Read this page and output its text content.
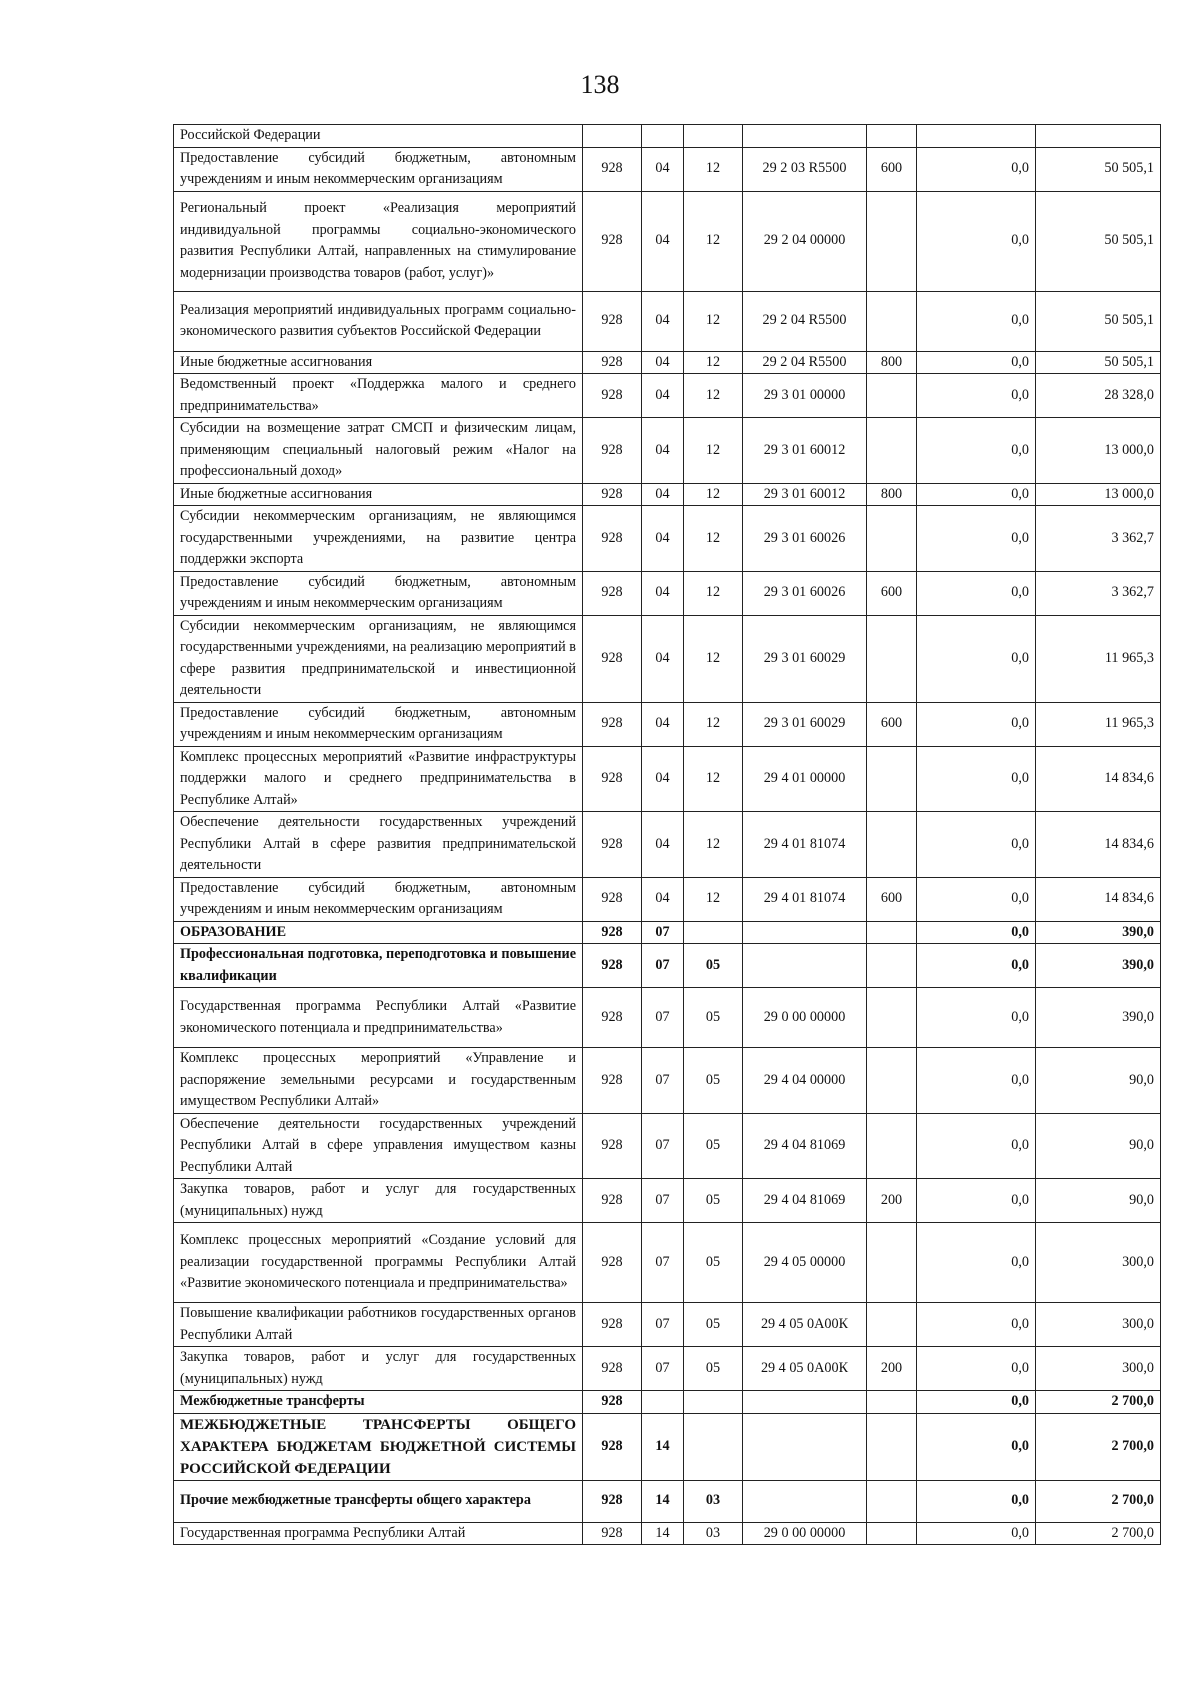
138
Российской Федерации							
Предоставление субсидий бюджетным, автономным учреждениям и иным некоммерческим организациям	928	04	12	29 2 03 R5500	600	0,0	50 505,1
Региональный проект «Реализация мероприятий индивидуальной программы социально-экономического развития Республики Алтай, направленных на стимулирование модернизации производства товаров (работ, услуг)»	928	04	12	29 2 04 00000		0,0	50 505,1
Реализация мероприятий индивидуальных программ социально-экономического развития субъектов Российской Федерации	928	04	12	29 2 04 R5500		0,0	50 505,1
Иные бюджетные ассигнования	928	04	12	29 2 04 R5500	800	0,0	50 505,1
Ведомственный проект «Поддержка малого и среднего предпринимательства»	928	04	12	29 3 01 00000		0,0	28 328,0
Субсидии на возмещение затрат СМСП и физическим лицам, применяющим специальный налоговый режим «Налог на профессиональный доход»	928	04	12	29 3 01 60012		0,0	13 000,0
Иные бюджетные ассигнования	928	04	12	29 3 01 60012	800	0,0	13 000,0
Субсидии некоммерческим организациям, не являющимся государственными учреждениями, на развитие центра поддержки экспорта	928	04	12	29 3 01 60026		0,0	3 362,7
Предоставление субсидий бюджетным, автономным учреждениям и иным некоммерческим организациям	928	04	12	29 3 01 60026	600	0,0	3 362,7
Субсидии некоммерческим организациям, не являющимся государственными учреждениями, на реализацию мероприятий в сфере развития предпринимательской и инвестиционной деятельности	928	04	12	29 3 01 60029		0,0	11 965,3
Предоставление субсидий бюджетным, автономным учреждениям и иным некоммерческим организациям	928	04	12	29 3 01 60029	600	0,0	11 965,3
Комплекс процессных мероприятий «Развитие инфраструктуры поддержки малого и среднего предпринимательства в Республике Алтай»	928	04	12	29 4 01 00000		0,0	14 834,6
Обеспечение деятельности государственных учреждений Республики Алтай в сфере развития предпринимательской деятельности	928	04	12	29 4 01 81074		0,0	14 834,6
Предоставление субсидий бюджетным, автономным учреждениям и иным некоммерческим организациям	928	04	12	29 4 01 81074	600	0,0	14 834,6
ОБРАЗОВАНИЕ	928	07				0,0	390,0
Профессиональная подготовка, переподготовка и повышение квалификации	928	07	05			0,0	390,0
Государственная программа Республики Алтай «Развитие экономического потенциала и предпринимательства»	928	07	05	29 0 00 00000		0,0	390,0
Комплекс процессных мероприятий «Управление и распоряжение земельными ресурсами и государственным имуществом Республики Алтай»	928	07	05	29 4 04 00000		0,0	90,0
Обеспечение деятельности государственных учреждений Республики Алтай в сфере управления имуществом казны Республики Алтай	928	07	05	29 4 04 81069		0,0	90,0
Закупка товаров, работ и услуг для государственных (муниципальных) нужд	928	07	05	29 4 04 81069	200	0,0	90,0
Комплекс процессных мероприятий «Создание условий для реализации государственной программы Республики Алтай «Развитие экономического потенциала и предпринимательства»	928	07	05	29 4 05 00000		0,0	300,0
Повышение квалификации работников государственных органов Республики Алтай	928	07	05	29 4 05 0А00К		0,0	300,0
Закупка товаров, работ и услуг для государственных (муниципальных) нужд	928	07	05	29 4 05 0А00К	200	0,0	300,0
Межбюджетные трансферты	928					0,0	2 700,0
МЕЖБЮДЖЕТНЫЕ ТРАНСФЕРТЫ ОБЩЕГО ХАРАКТЕРА БЮДЖЕТАМ БЮДЖЕТНОЙ СИСТЕМЫ РОССИЙСКОЙ ФЕДЕРАЦИИ	928	14				0,0	2 700,0
Прочие межбюджетные трансферты общего характера	928	14	03			0,0	2 700,0
Государственная программа Республики Алтай	928	14	03	29 0 00 00000		0,0	2 700,0
